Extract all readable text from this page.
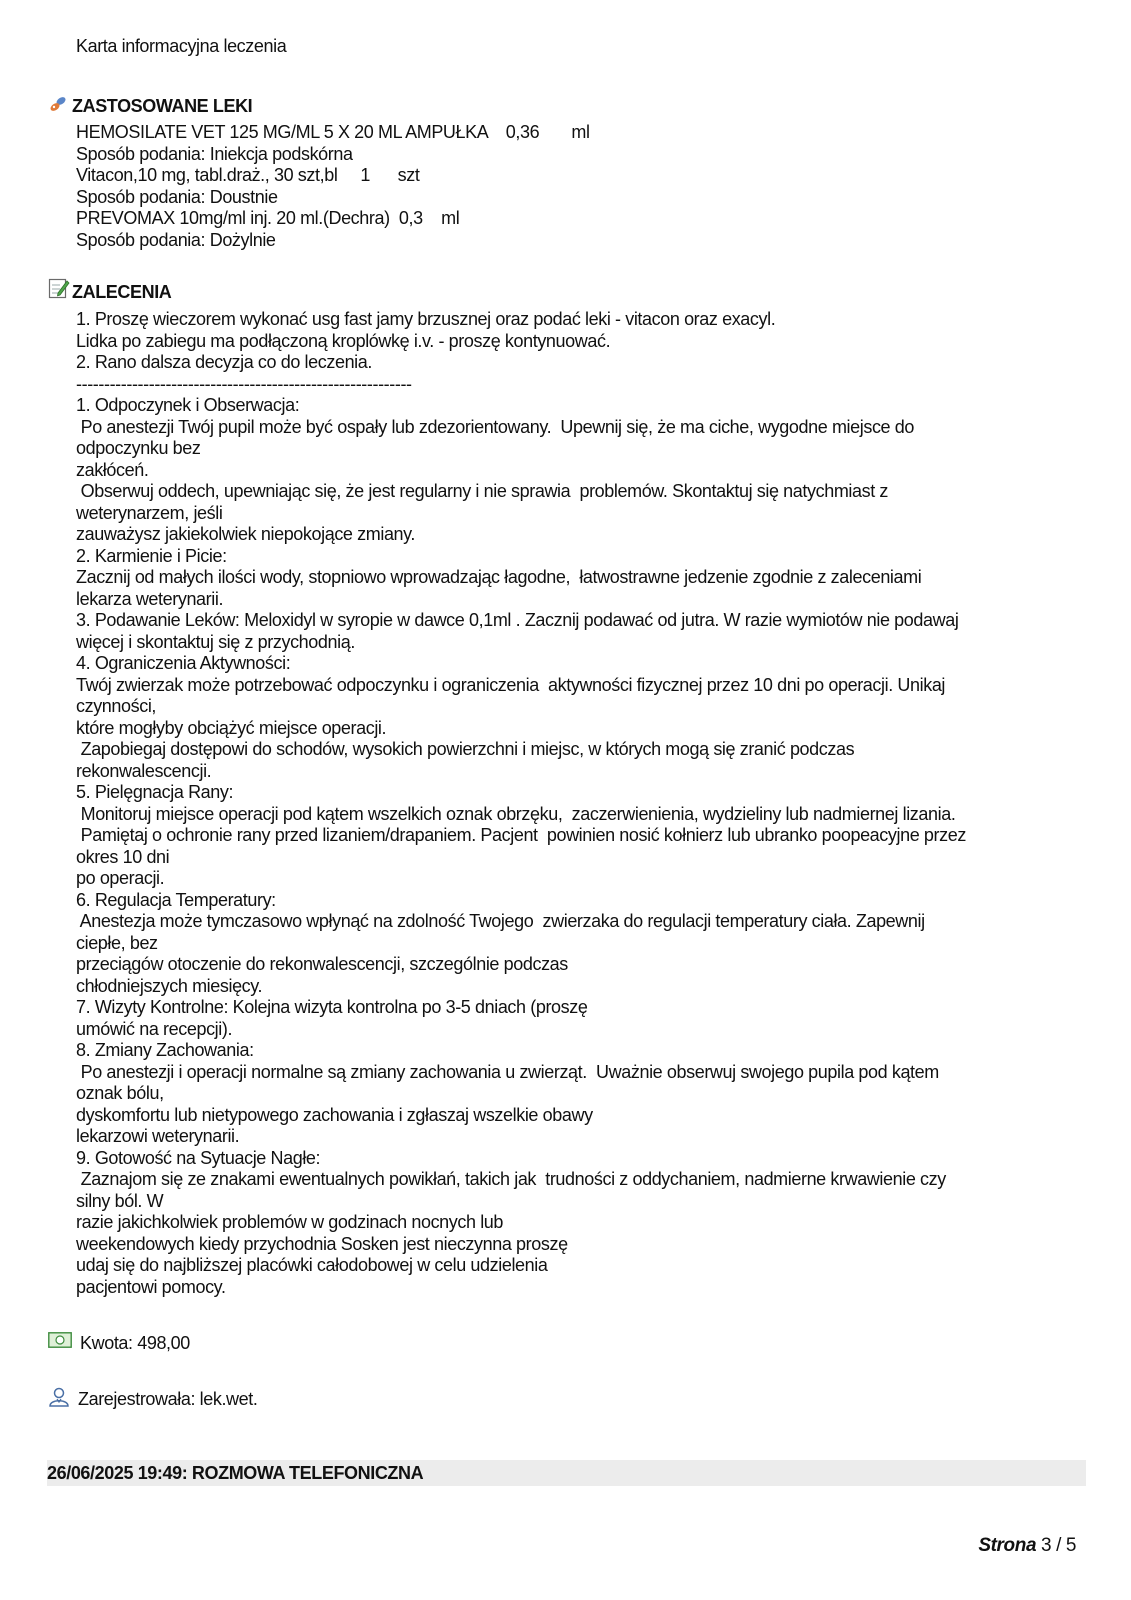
Karta informacyjna leczenia
ZASTOSOWANE LEKI
HEMOSILATE VET 125 MG/ML 5 X 20 ML AMPUŁKA    0,36       ml
Sposób podania: Iniekcja podskórna
Vitacon,10 mg, tabl.draż., 30 szt,bl     1      szt
Sposób podania: Doustnie
PREVOMAX 10mg/ml inj. 20 ml.(Dechra)  0,3    ml
Sposób podania: Dożylnie
ZALECENIA
1. Proszę wieczorem wykonać usg fast jamy brzusznej oraz podać leki - vitacon oraz exacyl.
Lidka po zabiegu ma podłączoną kroplówkę i.v. - proszę kontynuować.
2. Rano dalsza decyzja co do leczenia.
------------------------------------------------------------
1. Odpoczynek i Obserwacja:
Po anestezji Twój pupil może być ospały lub zdezorientowany.  Upewnij się, że ma ciche, wygodne miejsce do
odpoczynku bez
zakłóceń.
Obserwuj oddech, upewniając się, że jest regularny i nie sprawia  problemów. Skontaktuj się natychmiast z
weterynarzem, jeśli
zauważysz jakiekolwiek niepokojące zmiany.
2. Karmienie i Picie:
Zacznij od małych ilości wody, stopniowo wprowadzając łagodne,  łatwostrawne jedzenie zgodnie z zaleceniami
lekarza weterynarii.
3. Podawanie Leków: Meloxidyl w syropie w dawce 0,1ml . Zacznij podawać od jutra. W razie wymiotów nie podawaj
więcej i skontaktuj się z przychodnią.
4. Ograniczenia Aktywności:
Twój zwierzak może potrzebować odpoczynku i ograniczenia  aktywności fizycznej przez 10 dni po operacji. Unikaj
czynności,
które mogłyby obciążyć miejsce operacji.
Zapobiegaj dostępowi do schodów, wysokich powierzchni i miejsc, w których mogą się zranić podczas
rekonwalescencji.
5. Pielęgnacja Rany:
Monitoruj miejsce operacji pod kątem wszelkich oznak obrzęku,  zaczerwienienia, wydzieliny lub nadmiernej lizania.
Pamiętaj o ochronie rany przed lizaniem/drapaniem. Pacjent  powinien nosić kołnierz lub ubranko poopeacyjne przez
okres 10 dni
po operacji.
6. Regulacja Temperatury:
Anestezja może tymczasowo wpłynąć na zdolność Twojego  zwierzaka do regulacji temperatury ciała. Zapewnij
ciepłe, bez
przeciągów otoczenie do rekonwalescencji, szczególnie podczas
chłodniejszych miesięcy.
7. Wizyty Kontrolne: Kolejna wizyta kontrolna po 3-5 dniach (proszę
umówić na recepcji).
8. Zmiany Zachowania:
Po anestezji i operacji normalne są zmiany zachowania u zwierząt.  Uważnie obserwuj swojego pupila pod kątem
oznak bólu,
dyskomfortu lub nietypowego zachowania i zgłaszaj wszelkie obawy
lekarzowi weterynarii.
9. Gotowość na Sytuacje Nagłe:
Zaznajom się ze znakami ewentualnych powikłań, takich jak  trudności z oddychaniem, nadmierne krwawienie czy
silny ból. W
razie jakichkolwiek problemów w godzinach nocnych lub
weekendowych kiedy przychodnia Sosken jest nieczynna proszę
udaj się do najbliższej placówki całodobowej w celu udzielenia
pacjentowi pomocy.
Kwota: 498,00
Zarejestrowała: lek.wet.
26/06/2025 19:49: ROZMOWA TELEFONICZNA
Strona 3 / 5
